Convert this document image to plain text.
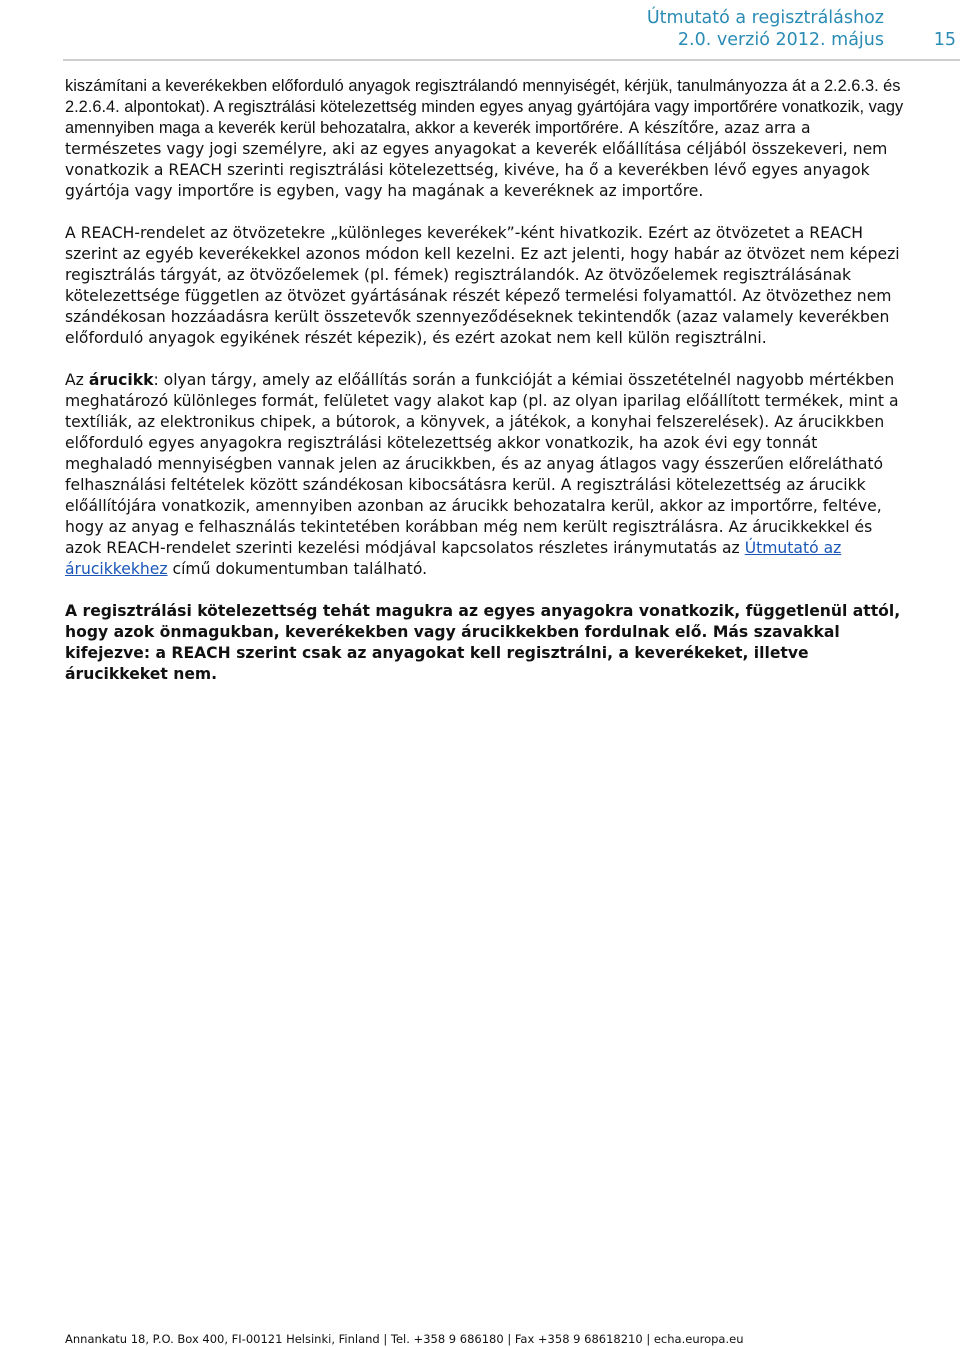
Útmutató a regisztráláshoz
2.0. verzió 2012. május	15

kiszámítani a keverékekben előforduló anyagok regisztrálandó mennyiségét, kérjük, tanulmányozza át a 2.2.6.3. és 2.2.6.4. alpontokat). A regisztrálási kötelezettség minden egyes anyag gyártójára vagy importőrére vonatkozik, vagy amennyiben maga a keverék kerül behozatalra, akkor a keverék importőrére. A készítőre, azaz arra a természetes vagy jogi személyre, aki az egyes anyagokat a keverék előállítása céljából összekeveri, nem vonatkozik a REACH szerinti regisztrálási kötelezettség, kivéve, ha ő a keverékben lévő egyes anyagok gyártója vagy importőre is egyben, vagy ha magának a keveréknek az importőre.

A REACH-rendelet az ötvözetekre „különleges keverékek”-ként hivatkozik. Ezért az ötvözetet a REACH szerint az egyéb keverékekkel azonos módon kell kezelni. Ez azt jelenti, hogy habár az ötvözet nem képezi regisztrálás tárgyát, az ötvözőelemek (pl. fémek) regisztrálandók. Az ötvözőelemek regisztrálásának kötelezettsége független az ötvözet gyártásának részét képező termelési folyamattól. Az ötvözethez nem szándékosan hozzáadásra került összetevők szennyeződéseknek tekintendők (azaz valamely keverékben előforduló anyagok egyikének részét képezik), és ezért azokat nem kell külön regisztrálni.

Az árucikk: olyan tárgy, amely az előállítás során a funkcióját a kémiai összetételnél nagyobb mértékben meghatározó különleges formát, felületet vagy alakot kap (pl. az olyan iparilag előállított termékek, mint a textíliák, az elektronikus chipek, a bútorok, a könyvek, a játékok, a konyhai felszerelések). Az árucikkben előforduló egyes anyagokra regisztrálási kötelezettség akkor vonatkozik, ha azok évi egy tonnát meghaladó mennyiségben vannak jelen az árucikkben, és az anyag átlagos vagy ésszerűen előrelátható felhasználási feltételek között szándékosan kibocsátásra kerül. A regisztrálási kötelezettség az árucikk előállítójára vonatkozik, amennyiben azonban az árucikk behozatalra kerül, akkor az importőrre, feltéve, hogy az anyag e felhasználás tekintetében korábban még nem került regisztrálásra. Az árucikkekkel és azok REACH-rendelet szerinti kezelési módjával kapcsolatos részletes iránymutatás az Útmutató az árucikkekhez című dokumentumban található.

A regisztrálási kötelezettség tehát magukra az egyes anyagokra vonatkozik, függetlenül attól, hogy azok önmagukban, keverékekben vagy árucikkekben fordulnak elő. Más szavakkal kifejezve: a REACH szerint csak az anyagokat kell regisztrálni, a keverékeket, illetve árucikkeket nem.

Annankatu 18, P.O. Box 400, FI-00121 Helsinki, Finland | Tel. +358 9 686180 | Fax +358 9 68618210 | echa.europa.eu
